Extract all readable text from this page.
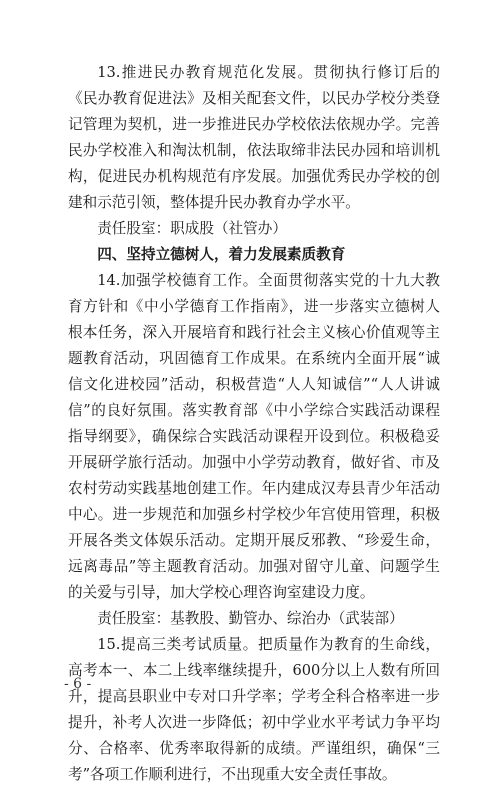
13.推进民办教育规范化发展。贯彻执行修订后的《民办教育促进法》及相关配套文件，以民办学校分类登记管理为契机，进一步推进民办学校依法依规办学。完善民办学校准入和淘汰机制，依法取缔非法民办园和培训机构，促进民办机构规范有序发展。加强优秀民办学校的创建和示范引领，整体提升民办教育办学水平。

责任股室：职成股（社管办）

四、坚持立德树人，着力发展素质教育

14.加强学校德育工作。全面贯彻落实党的十九大教育方针和《中小学德育工作指南》，进一步落实立德树人根本任务，深入开展培育和践行社会主义核心价值观等主题教育活动，巩固德育工作成果。在系统内全面开展“诚信文化进校园”活动，积极营造“人人知诚信”“人人讲诚信”的良好氛围。落实教育部《中小学综合实践活动课程指导纲要》，确保综合实践活动课程开设到位。积极稳妥开展研学旅行活动。加强中小学劳动教育，做好省、市及农村劳动实践基地创建工作。年内建成汉寿县青少年活动中心。进一步规范和加强乡村学校少年宫使用管理，积极开展各类文体娱乐活动。定期开展反邪教、“珍爱生命，远离毒品”等主题教育活动。加强对留守儿童、问题学生的关爱与引导，加大学校心理咨询室建设力度。

责任股室：基教股、勤管办、综治办（武装部）

15.提高三类考试质量。把质量作为教育的生命线，高考本一、本二上线率继续提升，600分以上人数有所回升，提高县职业中专对口升学率；学考全科合格率进一步提升，补考人次进一步降低；初中学业水平考试力争平均分、合格率、优秀率取得新的成绩。严谨组织，确保“三考”各项工作顺利进行，不出现重大安全责任事故。

- 6 -
